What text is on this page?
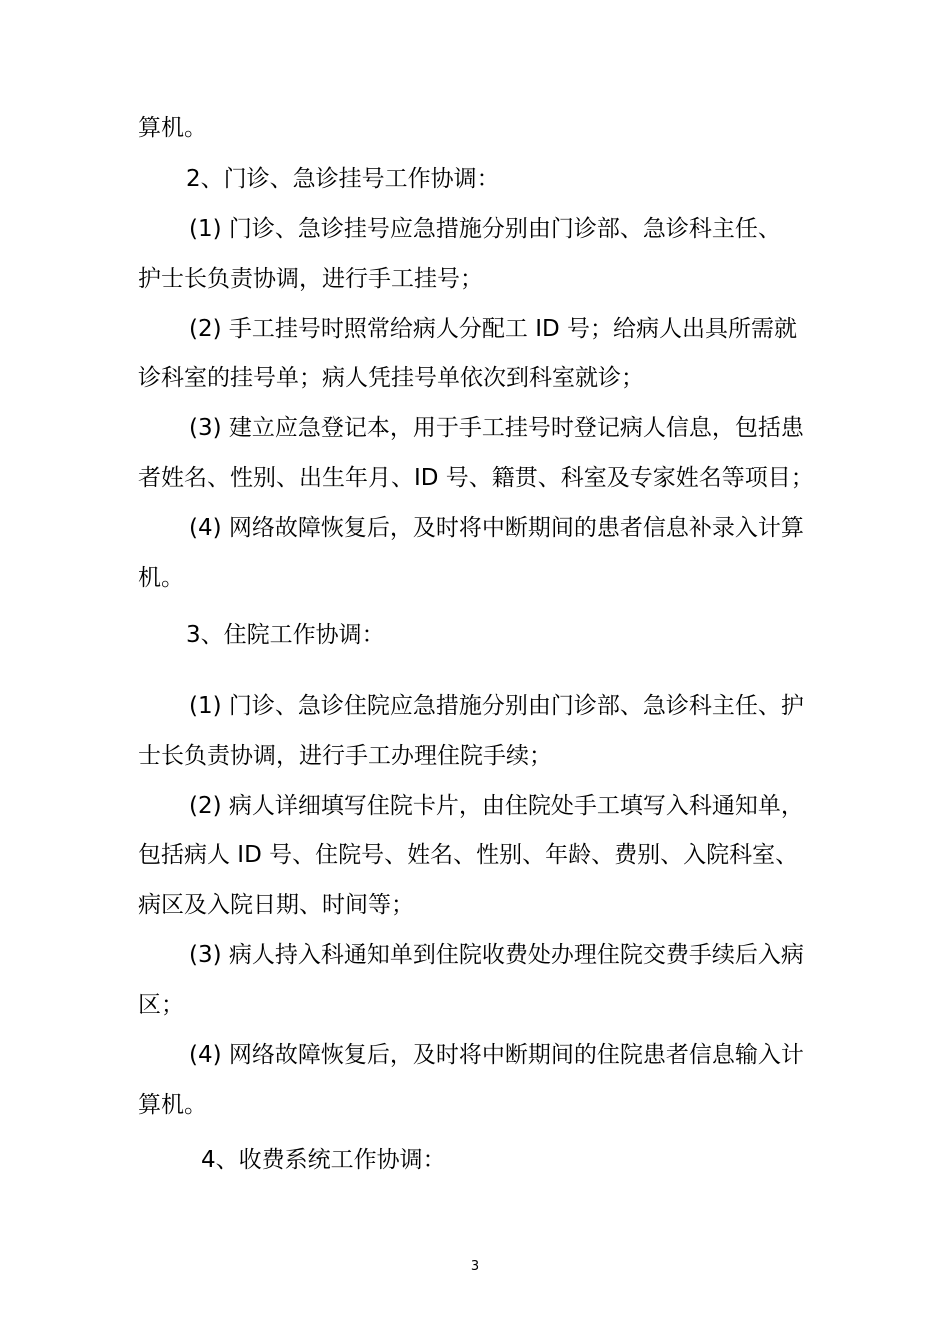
算机。
2、门诊、急诊挂号工作协调：
(1) 门诊、急诊挂号应急措施分别由门诊部、急诊科主任、
护士长负责协调，进行手工挂号；
(2) 手工挂号时照常给病人分配工 ID 号；给病人出具所需就
诊科室的挂号单；病人凭挂号单依次到科室就诊；
(3) 建立应急登记本，用于手工挂号时登记病人信息，包括患
者姓名、性别、出生年月、ID 号、籍贯、科室及专家姓名等项目；
(4) 网络故障恢复后，及时将中断期间的患者信息补录入计算
机。
3、住院工作协调：
(1) 门诊、急诊住院应急措施分别由门诊部、急诊科主任、护
士长负责协调，进行手工办理住院手续；
(2) 病人详细填写住院卡片，由住院处手工填写入科通知单，
包括病人 ID 号、住院号、姓名、性别、年龄、费别、入院科室、
病区及入院日期、时间等；
(3) 病人持入科通知单到住院收费处办理住院交费手续后入病
区；
(4) 网络故障恢复后，及时将中断期间的住院患者信息输入计
算机。
4、收费系统工作协调：
3
